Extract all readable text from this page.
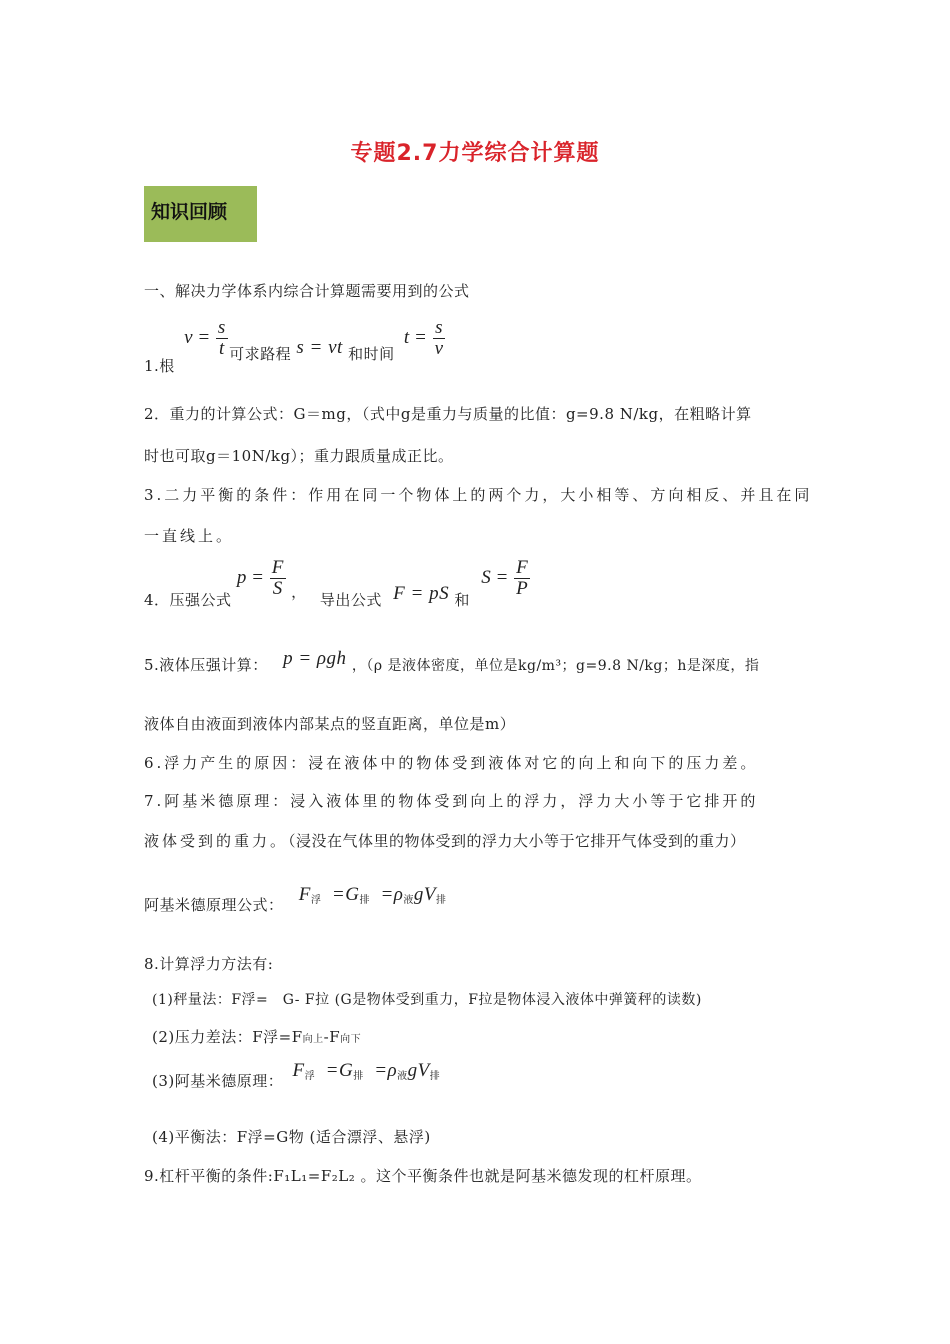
专题2.7力学综合计算题
知识回顾
一、解决力学体系内综合计算题需要用到的公式
1.根 $v = \frac{s}{t}$ 可求路程 s = vt 和时间 $t = \frac{s}{v}$
2．重力的计算公式：G＝mg，（式中g是重力与质量的比值：g=9.8 N/kg，在粗略计算
时也可取g＝10N/kg）；重力跟质量成正比。
3.二力平衡的条件：作用在同一个物体上的两个力，大小相等、方向相反、并且在同
一直线上。
4．压强公式 $p = \frac{F}{S}$ ， 导出公式 F = pS 和 $S = \frac{F}{P}$
5.液体压强计算： p = ρgh ，（ρ 是液体密度，单位是kg/m³；g=9.8 N/kg；h是深度，指
液体自由液面到液体内部某点的竖直距离，单位是m）
6.浮力产生的原因：浸在液体中的物体受到液体对它的向上和向下的压力差。
7.阿基米德原理：浸入液体里的物体受到向上的浮力，浮力大小等于它排开的
液体受到的重力。（浸没在气体里的物体受到的浮力大小等于它排开气体受到的重力）
阿基米德原理公式： $F_浮 =G_排 =\rho_液gV_排$
8.计算浮力方法有:
(1)秤量法：F浮=　G- F拉 (G是物体受到重力，F拉是物体浸入液体中弹簧秤的读数)
(2)压力差法：F浮=F向上-F向下
(3)阿基米德原理： $F_浮 =G_排 =\rho_液gV_排$
(4)平衡法：F浮=G物 (适合漂浮、悬浮)
9.杠杆平衡的条件:F₁L₁=F₂L₂ 。这个平衡条件也就是阿基米德发现的杠杆原理。
